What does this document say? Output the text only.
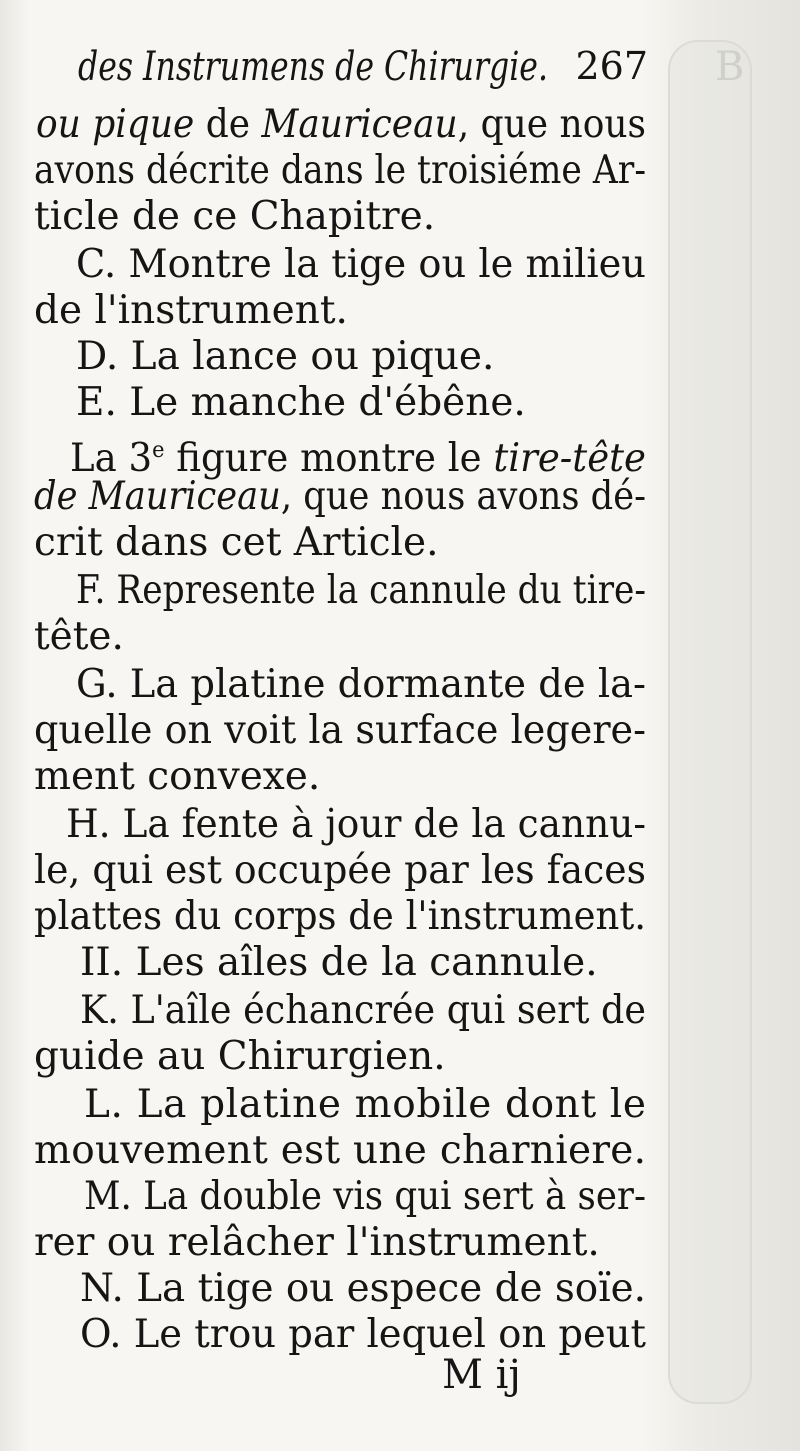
B
des Instrumens de Chirurgie. 267
ou pique de Mauriceau, que nous
avons décrite dans le troisiéme Ar-
ticle de ce Chapitre.
C. Montre la tige ou le milieu
de l'instrument.
D. La lance ou pique.
E. Le manche d'ébêne.
La 3e figure montre le tire-tête
de Mauriceau, que nous avons dé-
crit dans cet Article.
F. Represente la cannule du tire-
tête.
G. La platine dormante de la-
quelle on voit la surface legere-
ment convexe.
H. La fente à jour de la cannu-
le, qui est occupée par les faces
plattes du corps de l'instrument.
II. Les aîles de la cannule.
K. L'aîle échancrée qui sert de
guide au Chirurgien.
L. La platine mobile dont le
mouvement est une charniere.
M. La double vis qui sert à ser-
rer ou relâcher l'instrument.
N. La tige ou espece de soïe.
O. Le trou par lequel on peut
M ij
